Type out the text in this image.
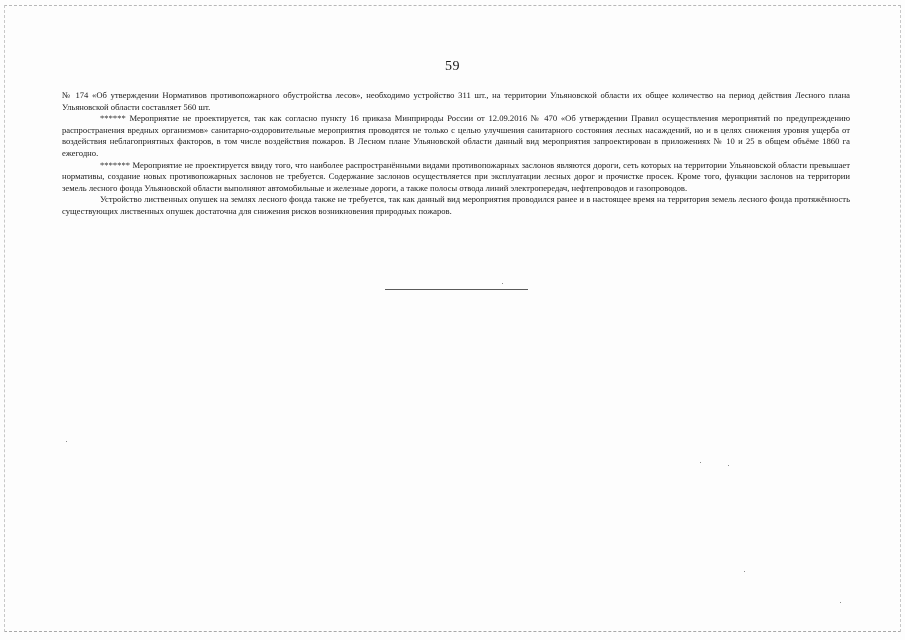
59

№ 174 «Об утверждении Нормативов противопожарного обустройства лесов», необходимо устройство 311 шт., на территории Ульяновской области их общее количество на период действия Лесного плана Ульяновской области составляет 560 шт.

****** Мероприятие не проектируется, так как согласно пункту 16 приказа Минприроды России от 12.09.2016 № 470 «Об утверждении Правил осуществления мероприятий по предупреждению распространения вредных организмов» санитарно-оздоровительные мероприятия проводятся не только с целью улучшения санитарного состояния лесных насаждений, но и в целях снижения уровня ущерба от воздействия неблагоприятных факторов, в том числе воздействия пожаров. В Лесном плане Ульяновской области данный вид мероприятия запроектирован в приложениях № 10 и 25 в общем объёме 1860 га ежегодно.

******* Мероприятие не проектируется ввиду того, что наиболее распространёнными видами противопожарных заслонов являются дороги, сеть которых на территории Ульяновской области превышает нормативы, создание новых противопожарных заслонов не требуется. Содержание заслонов осуществляется при эксплуатации лесных дорог и прочистке просек. Кроме того, функции заслонов на территории земель лесного фонда Ульяновской области выполняют автомобильные и железные дороги, а также полосы отвода линий электропередач, нефтепроводов и газопроводов.

Устройство лиственных опушек на землях лесного фонда также не требуется, так как данный вид мероприятия проводился ранее и в настоящее время на территория земель лесного фонда протяжённость существующих лиственных опушек достаточна для снижения рисков возникновения природных пожаров.
